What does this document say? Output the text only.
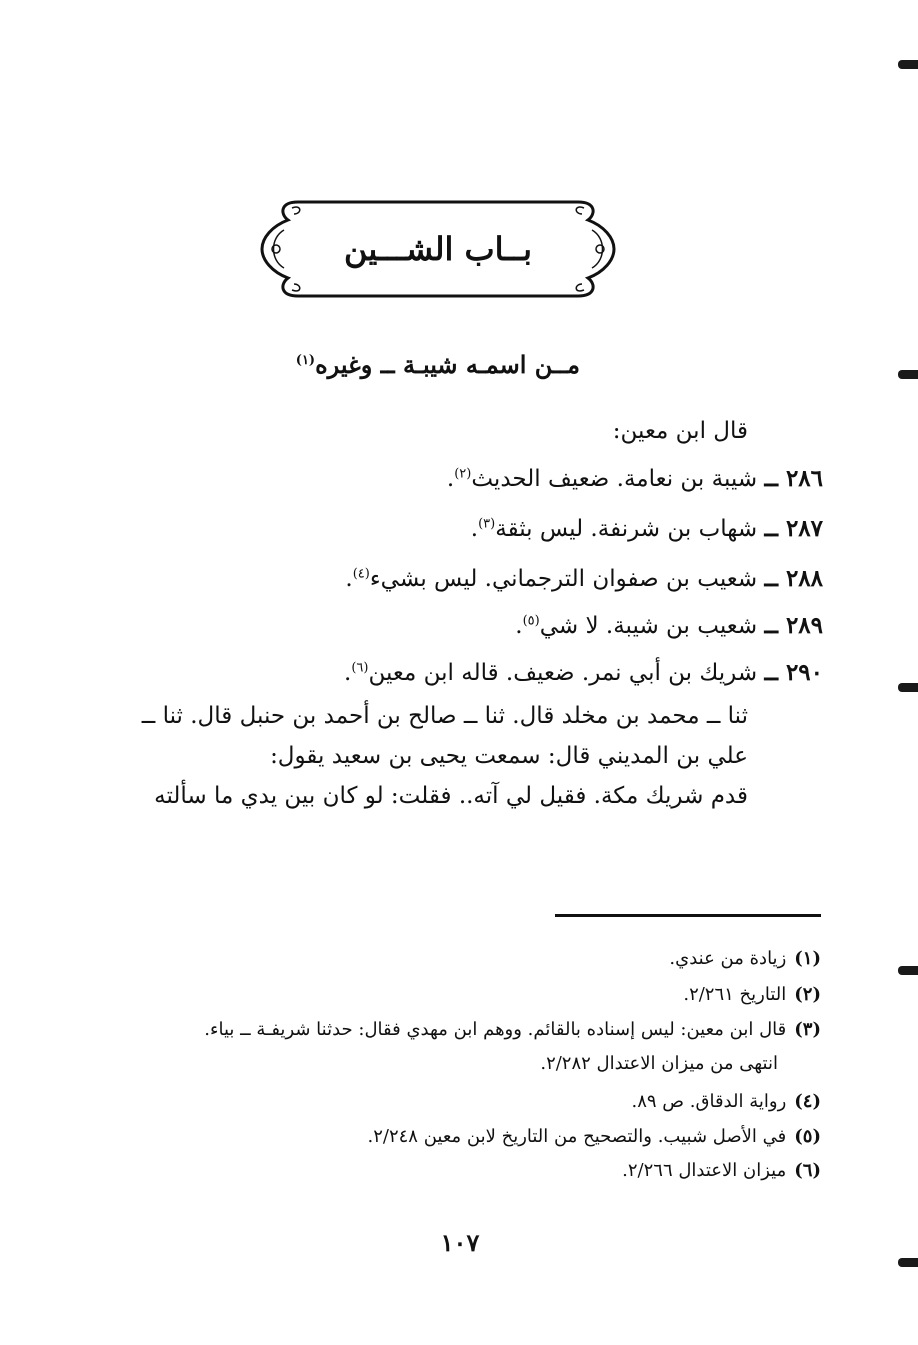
بــاب الشـــين
مــن اسمـه شيبـة ــ وغيره$^{(١)}$
قال ابن معين:
٢٨٦ ــ شيبة بن نعامة. ضعيف الحديث$^{(٢)}$.
٢٨٧ ــ شهاب بن شرنفة. ليس بثقة$^{(٣)}$.
٢٨٨ ــ شعيب بن صفوان الترجماني. ليس بشيء$^{(٤)}$.
٢٨٩ ــ شعيب بن شيبة. لا شي$^{(٥)}$.
٢٩٠ ــ شريك بن أبي نمر. ضعيف. قاله ابن معين$^{(٦)}$.
ثنا ــ محمد بن مخلد قال. ثنا ــ صالح بن أحمد بن حنبل قال. ثنا ــ
علي بن المديني قال: سمعت يحيى بن سعيد يقول:
قدم شريك مكة. فقيل لي آته.. فقلت: لو كان بين يدي ما سألته
(١)زيادة من عندي.
(٢)التاريخ ٢/٢٦١.
(٣)قال ابن معين: ليس إسناده بالقائم. ووهم ابن مهدي فقال: حدثنا شريفـة ــ بياء.
انتهى من ميزان الاعتدال ٢/٢٨٢.
(٤)رواية الدقاق. ص ٨٩.
(٥)في الأصل شبيب. والتصحيح من التاريخ لابن معين ٢/٢٤٨.
(٦)ميزان الاعتدال ٢/٢٦٦.
١٠٧
